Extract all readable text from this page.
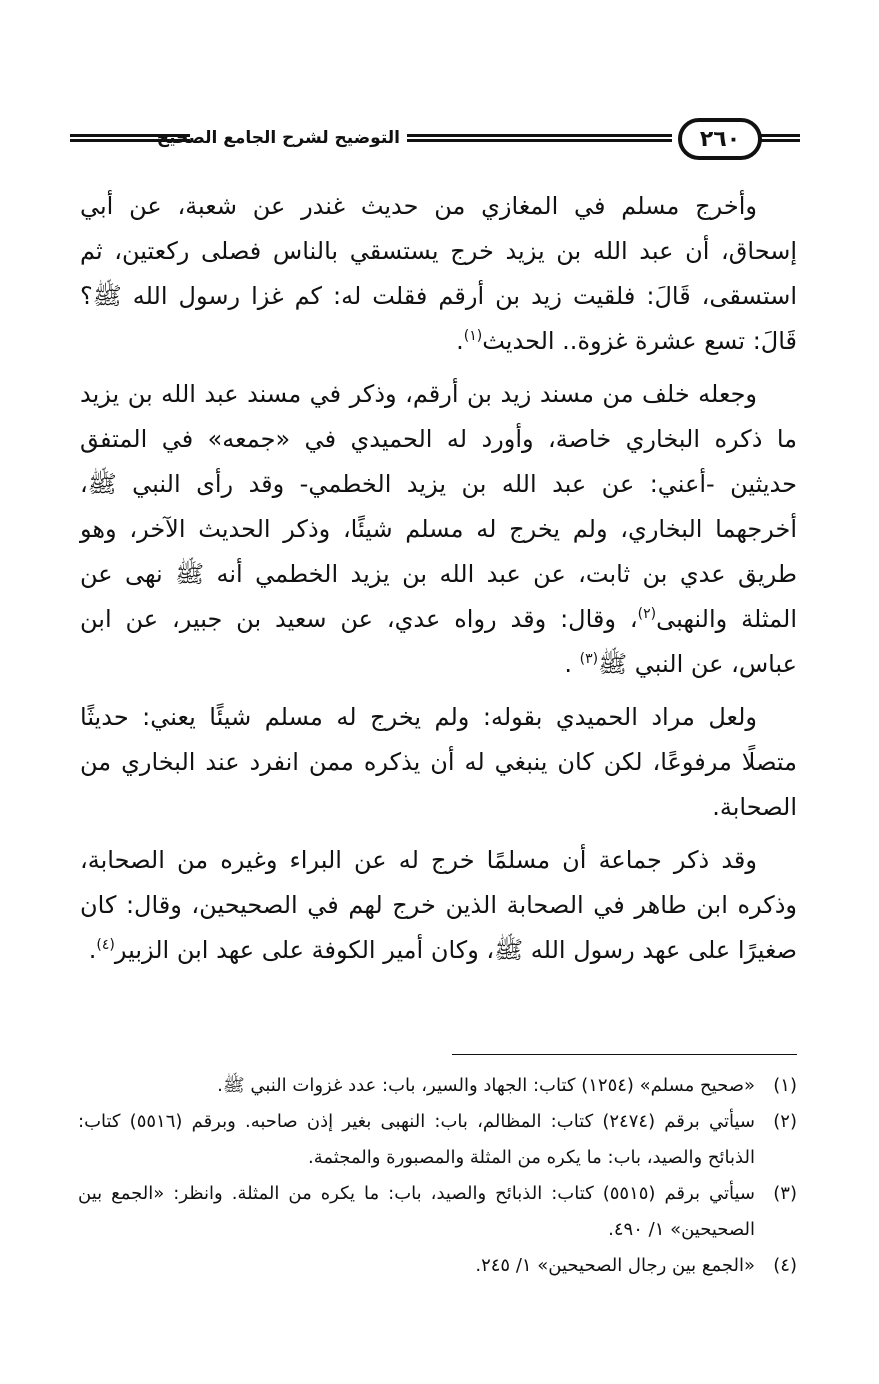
٢٦٠
التوضيح لشرح الجامع الصحيح

وأخرج مسلم في المغازي من حديث غندر عن شعبة، عن أبي إسحاق، أن عبد الله بن يزيد خرج يستسقي بالناس فصلى ركعتين، ثم استسقى، قَالَ: فلقيت زيد بن أرقم فقلت له: كم غزا رسول الله ﷺ؟ قَالَ: تسع عشرة غزوة.. الحديث$^{(١)}$.

وجعله خلف من مسند زيد بن أرقم، وذكر في مسند عبد الله بن يزيد ما ذكره البخاري خاصة، وأورد له الحميدي في «جمعه» في المتفق حديثين -أعني: عن عبد الله بن يزيد الخطمي- وقد رأى النبي ﷺ، أخرجهما البخاري، ولم يخرج له مسلم شيئًا، وذكر الحديث الآخر، وهو طريق عدي بن ثابت، عن عبد الله بن يزيد الخطمي أنه ﷺ نهى عن المثلة والنهبى$^{(٢)}$، وقال: وقد رواه عدي، عن سعيد بن جبير، عن ابن عباس، عن النبي ﷺ$^{(٣)}$ .

ولعل مراد الحميدي بقوله: ولم يخرج له مسلم شيئًا يعني: حديثًا متصلًا مرفوعًا، لكن كان ينبغي له أن يذكره ممن انفرد عند البخاري من الصحابة.

وقد ذكر جماعة أن مسلمًا خرج له عن البراء وغيره من الصحابة، وذكره ابن طاهر في الصحابة الذين خرج لهم في الصحيحين، وقال: كان صغيرًا على عهد رسول الله ﷺ، وكان أمير الكوفة على عهد ابن الزبير$^{(٤)}$.

(١)
«صحيح مسلم» (١٢٥٤) كتاب: الجهاد والسير، باب: عدد غزوات النبي ﷺ.
(٢)
سيأتي برقم (٢٤٧٤) كتاب: المظالم، باب: النهبى بغير إذن صاحبه. وبرقم (٥٥١٦) كتاب: الذبائح والصيد، باب: ما يكره من المثلة والمصبورة والمجثمة.
(٣)
سيأتي برقم (٥٥١٥) كتاب: الذبائح والصيد، باب: ما يكره من المثلة. وانظر: «الجمع بين الصحيحين» ١/ ٤٩٠.
(٤)
«الجمع بين رجال الصحيحين» ١/ ٢٤٥.
